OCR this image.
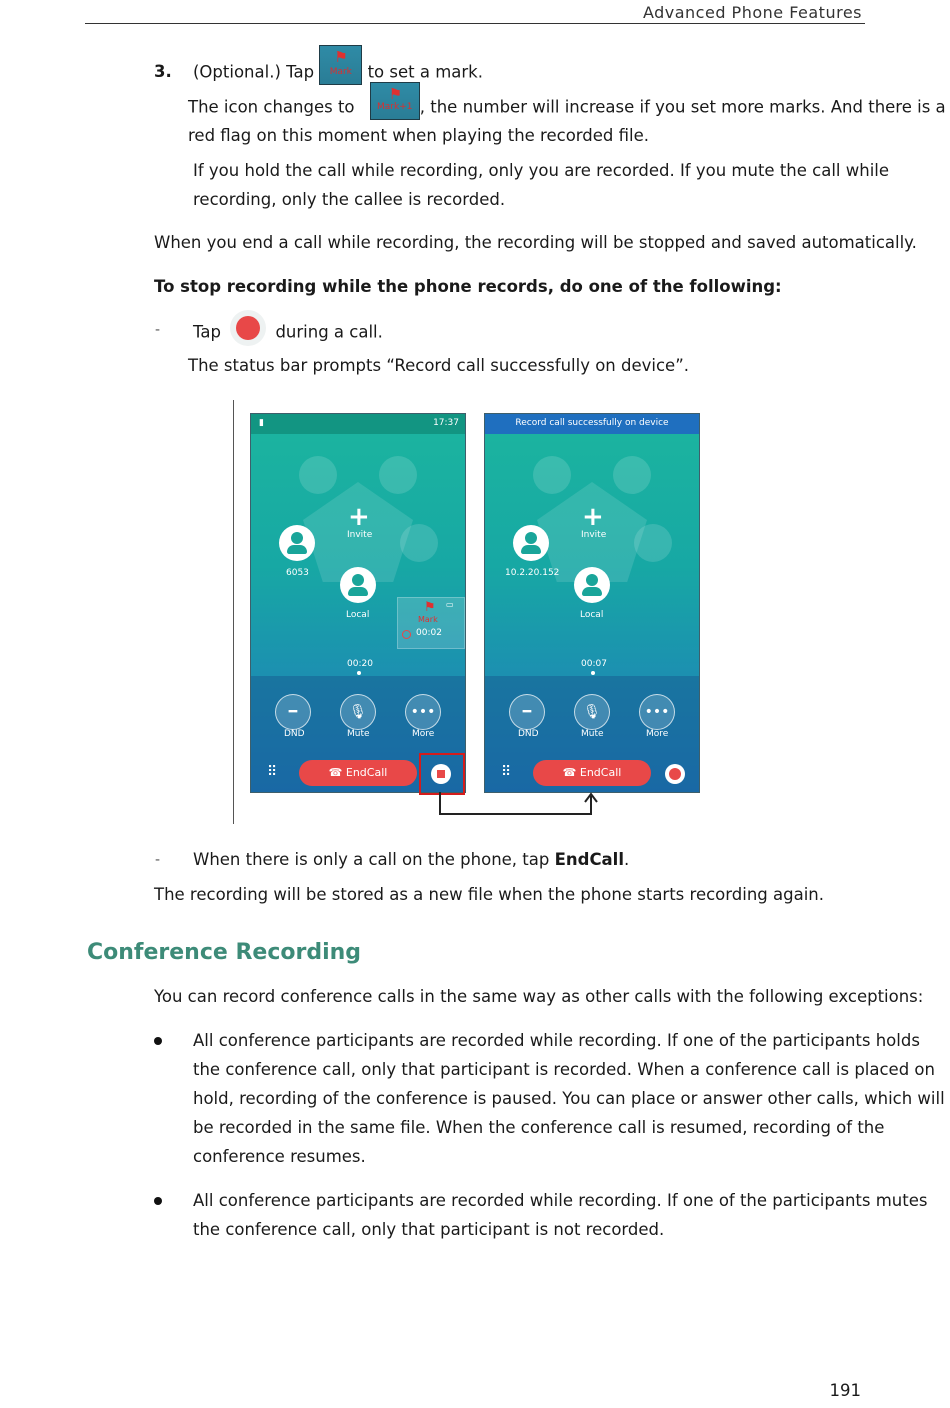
Advanced Phone Features
3. (Optional.) Tap
⚑
Mark to set a mark.
The icon changes to
⚑
Mark+1 , the number will increase if you set more marks. And there is a
red flag on this moment when playing the recorded file.
If you hold the call while recording, only you are recorded. If you mute the call while
recording, only the callee is recorded.
When you end a call while recording, the recording will be stopped and saved automatically.
To stop recording while the phone records, do one of the following:
- Tap	during a call.
The status bar prompts “Record call successfully on device”.
▮	17:37
+
Invite
6053
Local	⚑ ▭
Mark
00:02
00:20
━
DND
🎙︎
Mute
•••
More
⠿	☎ EndCall
Record call successfully on device
+
Invite
10.2.20.152
Local
00:07
━
DND
🎙︎
Mute
•••
More
⠿	☎ EndCall
- When there is only a call on the phone, tap EndCall.
The recording will be stored as a new file when the phone starts recording again.
Conference Recording
You can record conference calls in the same way as other calls with the following exceptions:
All conference participants are recorded while recording. If one of the participants holds
the conference call, only that participant is recorded. When a conference call is placed on
hold, recording of the conference is paused. You can place or answer other calls, which will
be recorded in the same file. When the conference call is resumed, recording of the
conference resumes.
All conference participants are recorded while recording. If one of the participants mutes
the conference call, only that participant is not recorded.
191
